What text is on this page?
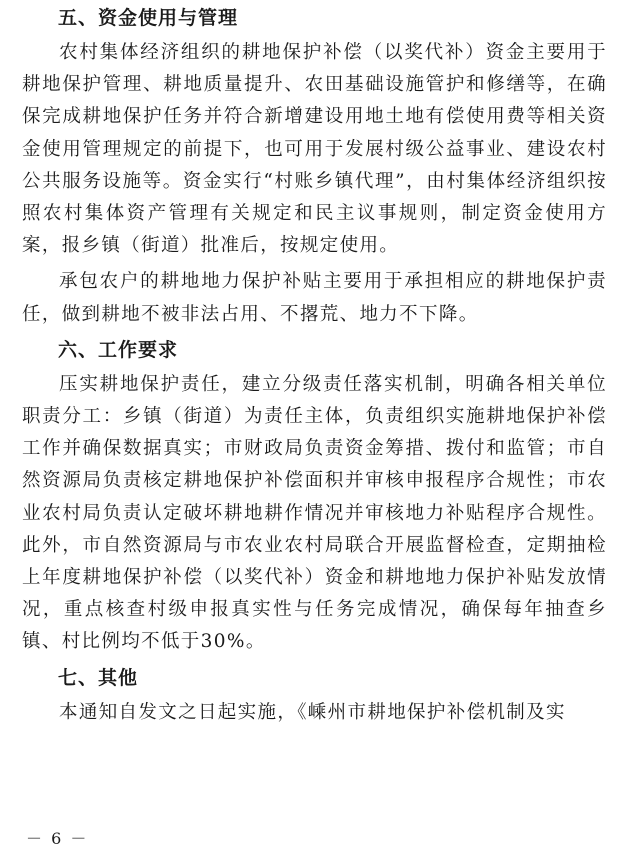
五、资金使用与管理

农村集体经济组织的耕地保护补偿（以奖代补）资金主要用于耕地保护管理、耕地质量提升、农田基础设施管护和修缮等，在确保完成耕地保护任务并符合新增建设用地土地有偿使用费等相关资金使用管理规定的前提下，也可用于发展村级公益事业、建设农村公共服务设施等。资金实行“村账乡镇代理”，由村集体经济组织按照农村集体资产管理有关规定和民主议事规则，制定资金使用方案，报乡镇（街道）批准后，按规定使用。

承包农户的耕地地力保护补贴主要用于承担相应的耕地保护责任，做到耕地不被非法占用、不撂荒、地力不下降。

六、工作要求

压实耕地保护责任，建立分级责任落实机制，明确各相关单位职责分工：乡镇（街道）为责任主体，负责组织实施耕地保护补偿工作并确保数据真实；市财政局负责资金筹措、拨付和监管；市自然资源局负责核定耕地保护补偿面积并审核申报程序合规性；市农业农村局负责认定破坏耕地耕作情况并审核地力补贴程序合规性。此外，市自然资源局与市农业农村局联合开展监督检查，定期抽检上年度耕地保护补偿（以奖代补）资金和耕地地力保护补贴发放情况，重点核查村级申报真实性与任务完成情况，确保每年抽查乡镇、村比例均不低于30%。

七、其他

本通知自发文之日起实施，《嵊州市耕地保护补偿机制及实

－ 6 －
